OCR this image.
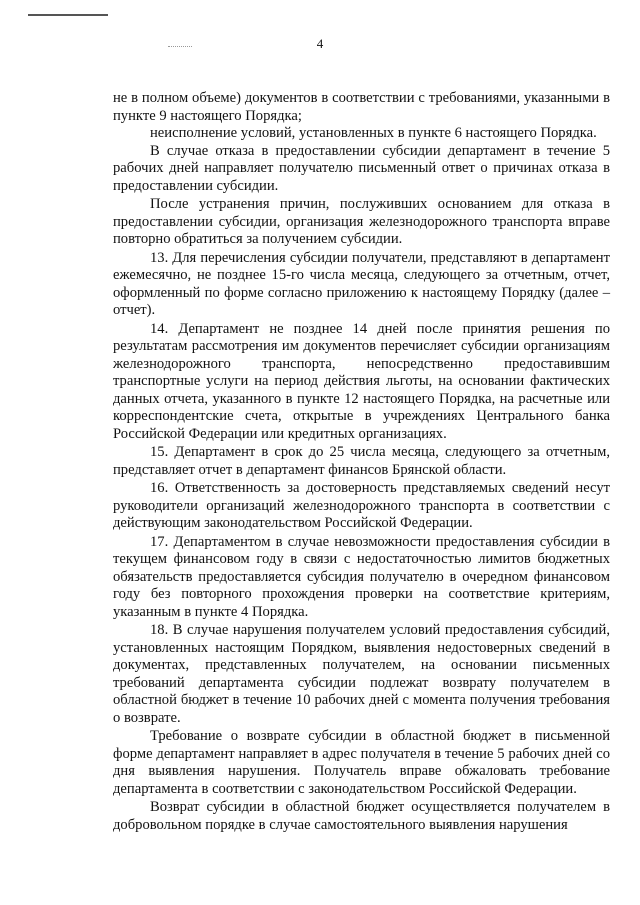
4

не в полном объеме) документов в соответствии с требованиями, указанными в пункте 9 настоящего Порядка;

неисполнение условий, установленных в пункте 6 настоящего Порядка.

В случае отказа в предоставлении субсидии департамент в течение 5 рабочих дней направляет получателю письменный ответ о причинах отказа в предоставлении субсидии.

После устранения причин, послуживших основанием для отказа в предоставлении субсидии, организация железнодорожного транспорта вправе повторно обратиться за получением субсидии.

13. Для перечисления субсидии получатели, представляют в департамент ежемесячно, не позднее 15-го числа месяца, следующего за отчетным, отчет, оформленный по форме согласно приложению к настоящему Порядку (далее – отчет).

14. Департамент не позднее 14 дней после принятия решения по результатам рассмотрения им документов перечисляет субсидии организациям железнодорожного транспорта, непосредственно предоставившим транспортные услуги на период действия льготы, на основании фактических данных отчета, указанного в пункте 12 настоящего Порядка, на расчетные или корреспондентские счета, открытые в учреждениях Центрального банка Российской Федерации или кредитных организациях.

15. Департамент в срок до 25 числа месяца, следующего за отчетным, представляет отчет в департамент финансов Брянской области.

16. Ответственность за достоверность представляемых сведений несут руководители организаций железнодорожного транспорта в соответствии с действующим законодательством Российской Федерации.

17. Департаментом в случае невозможности предоставления субсидии в текущем финансовом году в связи с недостаточностью лимитов бюджетных обязательств предоставляется субсидия получателю в очередном финансовом году без повторного прохождения проверки на соответствие критериям, указанным в пункте 4 Порядка.

18. В случае нарушения получателем условий предоставления субсидий, установленных настоящим Порядком, выявления недостоверных сведений в документах, представленных получателем, на основании письменных требований департамента субсидии подлежат возврату получателем в областной бюджет в течение 10 рабочих дней с момента получения требования о возврате.

Требование о возврате субсидии в областной бюджет в письменной форме департамент направляет в адрес получателя в течение 5 рабочих дней со дня выявления нарушения. Получатель вправе обжаловать требование департамента в соответствии с законодательством Российской Федерации.

Возврат субсидии в областной бюджет осуществляется получателем в добровольном порядке в случае самостоятельного выявления нарушения
